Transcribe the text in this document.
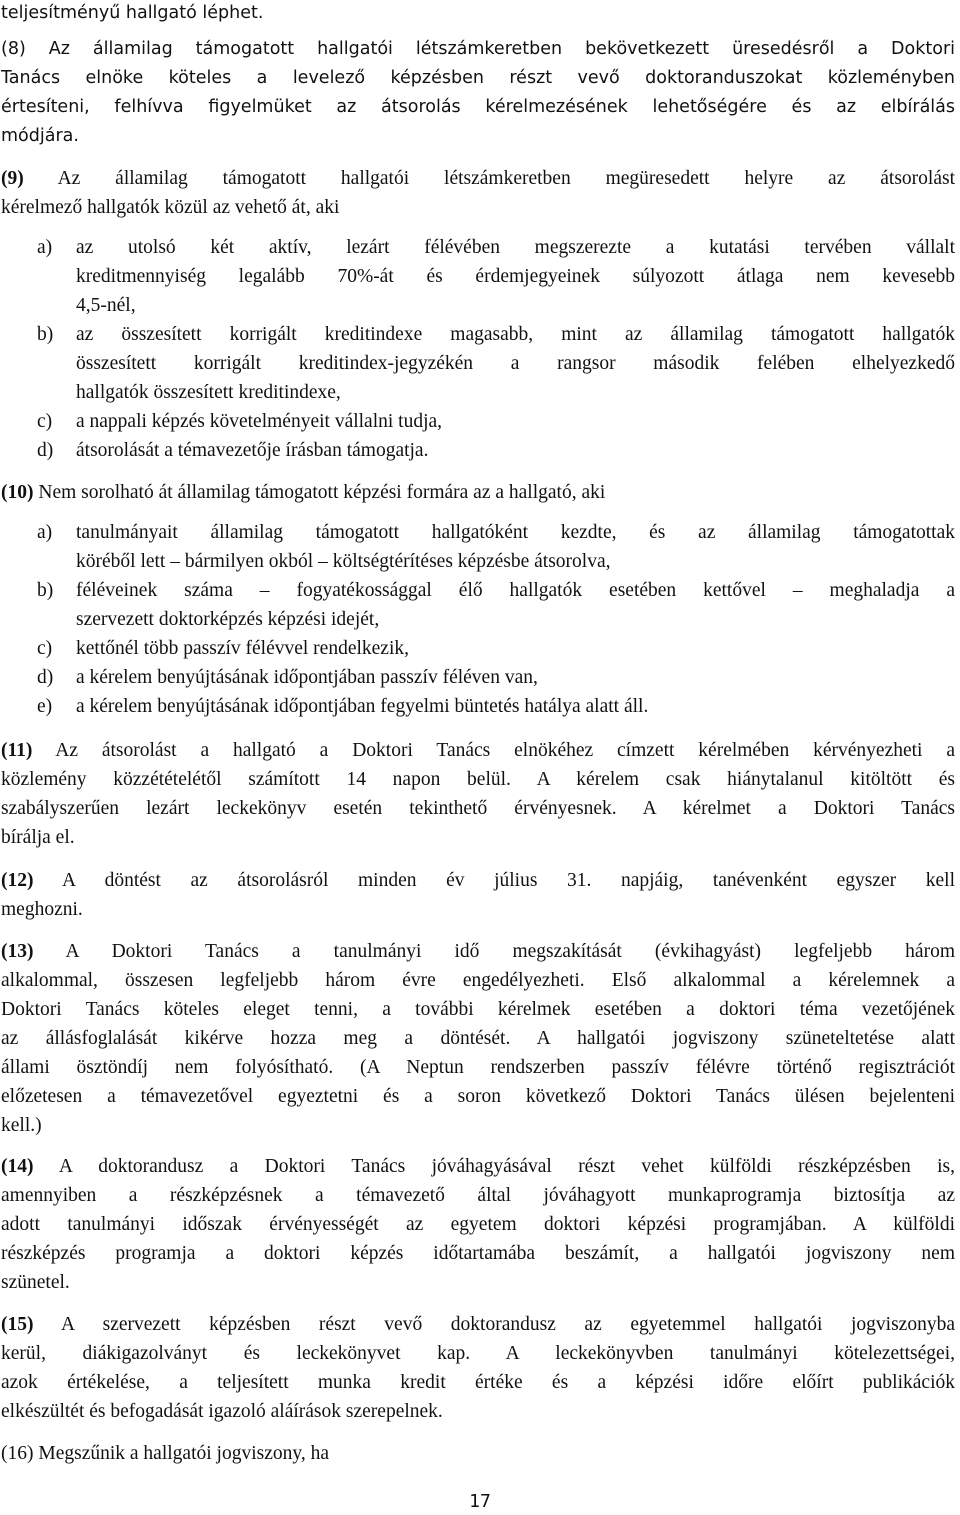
teljesítményű hallgató léphet.
(8) Az államilag támogatott hallgatói létszámkeretben bekövetkezett üresedésről a Doktori
Tanács elnöke köteles a levelező képzésben részt vevő doktoranduszokat közleményben
értesíteni, felhívva figyelmüket az átsorolás kérelmezésének lehetőségére és az elbírálás
módjára.
(9) Az államilag támogatott hallgatói létszámkeretben megüresedett helyre az átsorolást
kérelmező hallgatók közül az vehető át, aki
a)	az utolsó két aktív, lezárt félévében megszerezte a kutatási tervében vállalt
kreditmennyiség legalább 70%-át és érdemjegyeinek súlyozott átlaga nem kevesebb
4,5-nél,
b)	az összesített korrigált kreditindexe magasabb, mint az államilag támogatott hallgatók
összesített korrigált kreditindex-jegyzékén a rangsor második felében elhelyezkedő
hallgatók összesített kreditindexe,
c)	a nappali képzés követelményeit vállalni tudja,
d)	átsorolását a témavezetője írásban támogatja.
(10) Nem sorolható át államilag támogatott képzési formára az a hallgató, aki
a)	tanulmányait államilag támogatott hallgatóként kezdte, és az államilag támogatottak
köréből lett – bármilyen okból – költségtérítéses képzésbe átsorolva,
b)	féléveinek száma – fogyatékossággal élő hallgatók esetében kettővel – meghaladja a
szervezett doktorképzés képzési idejét,
c)	kettőnél több passzív félévvel rendelkezik,
d)	a kérelem benyújtásának időpontjában passzív féléven van,
e)	a kérelem benyújtásának időpontjában fegyelmi büntetés hatálya alatt áll.
(11) Az átsorolást a hallgató a Doktori Tanács elnökéhez címzett kérelmében kérvényezheti a
közlemény közzétételétől számított 14 napon belül. A kérelem csak hiánytalanul kitöltött és
szabályszerűen lezárt leckekönyv esetén tekinthető érvényesnek. A kérelmet a Doktori Tanács
bírálja el.
(12) A döntést az átsorolásról minden év július 31. napjáig, tanévenként egyszer kell
meghozni.
(13) A Doktori Tanács a tanulmányi idő megszakítását (évkihagyást) legfeljebb három
alkalommal, összesen legfeljebb három évre engedélyezheti. Első alkalommal a kérelemnek a
Doktori Tanács köteles eleget tenni, a további kérelmek esetében a doktori téma vezetőjének
az állásfoglalását kikérve hozza meg a döntését. A hallgatói jogviszony szüneteltetése alatt
állami ösztöndíj nem folyósítható. (A Neptun rendszerben passzív félévre történő regisztrációt
előzetesen a témavezetővel egyeztetni és a soron következő Doktori Tanács ülésen bejelenteni
kell.)
(14) A doktorandusz a Doktori Tanács jóváhagyásával részt vehet külföldi részképzésben is,
amennyiben a részképzésnek a témavezető által jóváhagyott munkaprogramja biztosítja az
adott tanulmányi időszak érvényességét az egyetem doktori képzési programjában. A külföldi
részképzés programja a doktori képzés időtartamába beszámít, a hallgatói jogviszony nem
szünetel.
(15) A szervezett képzésben részt vevő doktorandusz az egyetemmel hallgatói jogviszonyba
kerül, diákigazolványt és leckekönyvet kap. A leckekönyvben tanulmányi kötelezettségei,
azok értékelése, a teljesített munka kredit értéke és a képzési időre előírt publikációk
elkészültét és befogadását igazoló aláírások szerepelnek.
(16) Megszűnik a hallgatói jogviszony, ha
17
